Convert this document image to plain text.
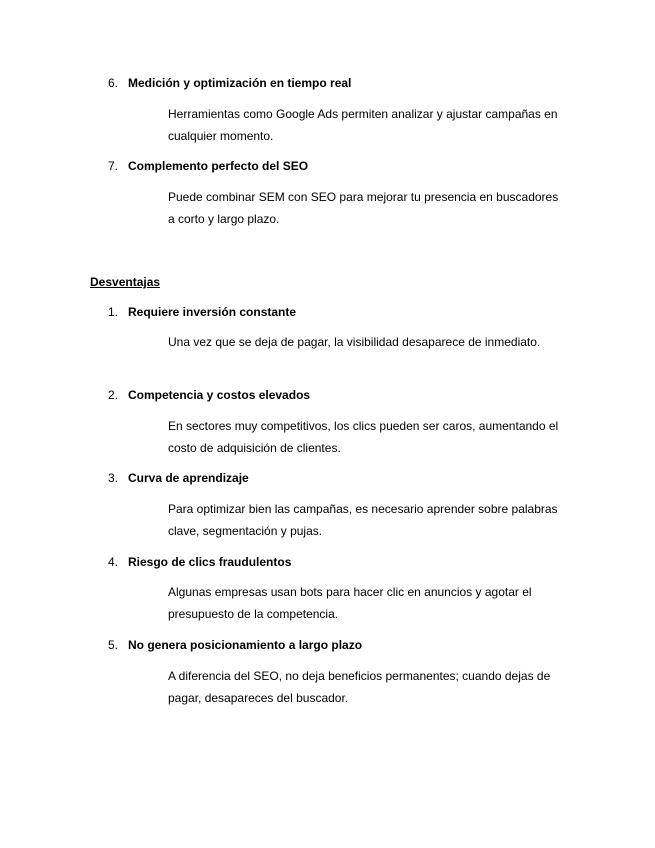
6. Medición y optimización en tiempo real
Herramientas como Google Ads permiten analizar y ajustar campañas en cualquier momento.
7. Complemento perfecto del SEO
Puede combinar SEM con SEO para mejorar tu presencia en buscadores a corto y largo plazo.
Desventajas
1. Requiere inversión constante
Una vez que se deja de pagar, la visibilidad desaparece de inmediato.
2. Competencia y costos elevados
En sectores muy competitivos, los clics pueden ser caros, aumentando el costo de adquisición de clientes.
3. Curva de aprendizaje
Para optimizar bien las campañas, es necesario aprender sobre palabras clave, segmentación y pujas.
4. Riesgo de clics fraudulentos
Algunas empresas usan bots para hacer clic en anuncios y agotar el presupuesto de la competencia.
5. No genera posicionamiento a largo plazo
A diferencia del SEO, no deja beneficios permanentes; cuando dejas de pagar, desapareces del buscador.
